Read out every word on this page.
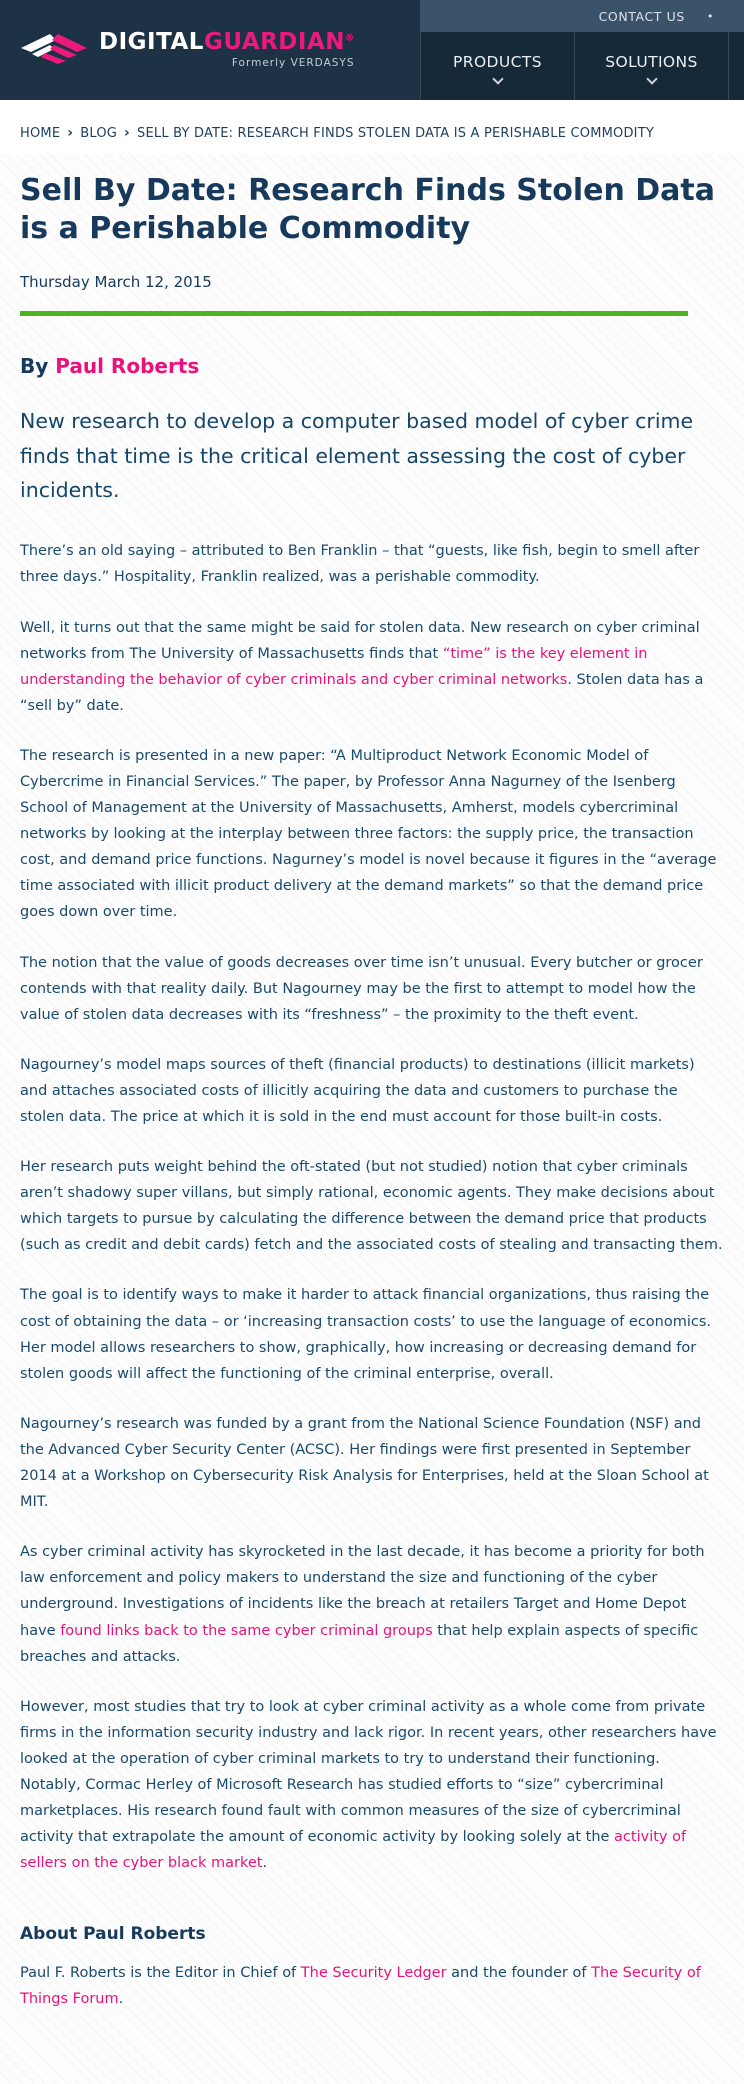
DIGITALGUARDIAN®
Formerly VERDASYS
CONTACT US •
PRODUCTS	SOLUTIONS
HOME › BLOG › SELL BY DATE: RESEARCH FINDS STOLEN DATA IS A PERISHABLE COMMODITY
Sell By Date: Research Finds Stolen Data is a Perishable Commodity
Thursday March 12, 2015
By Paul Roberts

New research to develop a computer based model of cyber crime finds that time is the critical element assessing the cost of cyber incidents.

There’s an old saying – attributed to Ben Franklin – that “guests, like fish, begin to smell after three days.” Hospitality, Franklin realized, was a perishable commodity.

Well, it turns out that the same might be said for stolen data. New research on cyber criminal networks from The University of Massachusetts finds that “time” is the key element in understanding the behavior of cyber criminals and cyber criminal networks. Stolen data has a “sell by” date.

The research is presented in a new paper: “A Multiproduct Network Economic Model of Cybercrime in Financial Services.” The paper, by Professor Anna Nagurney of the Isenberg School of Management at the University of Massachusetts, Amherst, models cybercriminal networks by looking at the interplay between three factors: the supply price, the transaction cost, and demand price functions. Nagurney’s model is novel because it figures in the “average time associated with illicit product delivery at the demand markets” so that the demand price goes down over time.

The notion that the value of goods decreases over time isn’t unusual. Every butcher or grocer contends with that reality daily. But Nagourney may be the first to attempt to model how the value of stolen data decreases with its “freshness” – the proximity to the theft event.

Nagourney’s model maps sources of theft (financial products) to destinations (illicit markets) and attaches associated costs of illicitly acquiring the data and customers to purchase the stolen data. The price at which it is sold in the end must account for those built-in costs.

Her research puts weight behind the oft-stated (but not studied) notion that cyber criminals aren’t shadowy super villans, but simply rational, economic agents. They make decisions about which targets to pursue by calculating the difference between the demand price that products (such as credit and debit cards) fetch and the associated costs of stealing and transacting them.

The goal is to identify ways to make it harder to attack financial organizations, thus raising the cost of obtaining the data – or ‘increasing transaction costs’ to use the language of economics. Her model allows researchers to show, graphically, how increasing or decreasing demand for stolen goods will affect the functioning of the criminal enterprise, overall.

Nagourney’s research was funded by a grant from the National Science Foundation (NSF) and the Advanced Cyber Security Center (ACSC). Her findings were first presented in September 2014 at a Workshop on Cybersecurity Risk Analysis for Enterprises, held at the Sloan School at MIT.

As cyber criminal activity has skyrocketed in the last decade, it has become a priority for both law enforcement and policy makers to understand the size and functioning of the cyber underground. Investigations of incidents like the breach at retailers Target and Home Depot have found links back to the same cyber criminal groups that help explain aspects of specific breaches and attacks.

However, most studies that try to look at cyber criminal activity as a whole come from private firms in the information security industry and lack rigor. In recent years, other researchers have looked at the operation of cyber criminal markets to try to understand their functioning. Notably, Cormac Herley of Microsoft Research has studied efforts to “size” cybercriminal marketplaces. His research found fault with common measures of the size of cybercriminal activity that extrapolate the amount of economic activity by looking solely at the activity of sellers on the cyber black market.

About Paul Roberts

Paul F. Roberts is the Editor in Chief of The Security Ledger and the founder of The Security of Things Forum.
